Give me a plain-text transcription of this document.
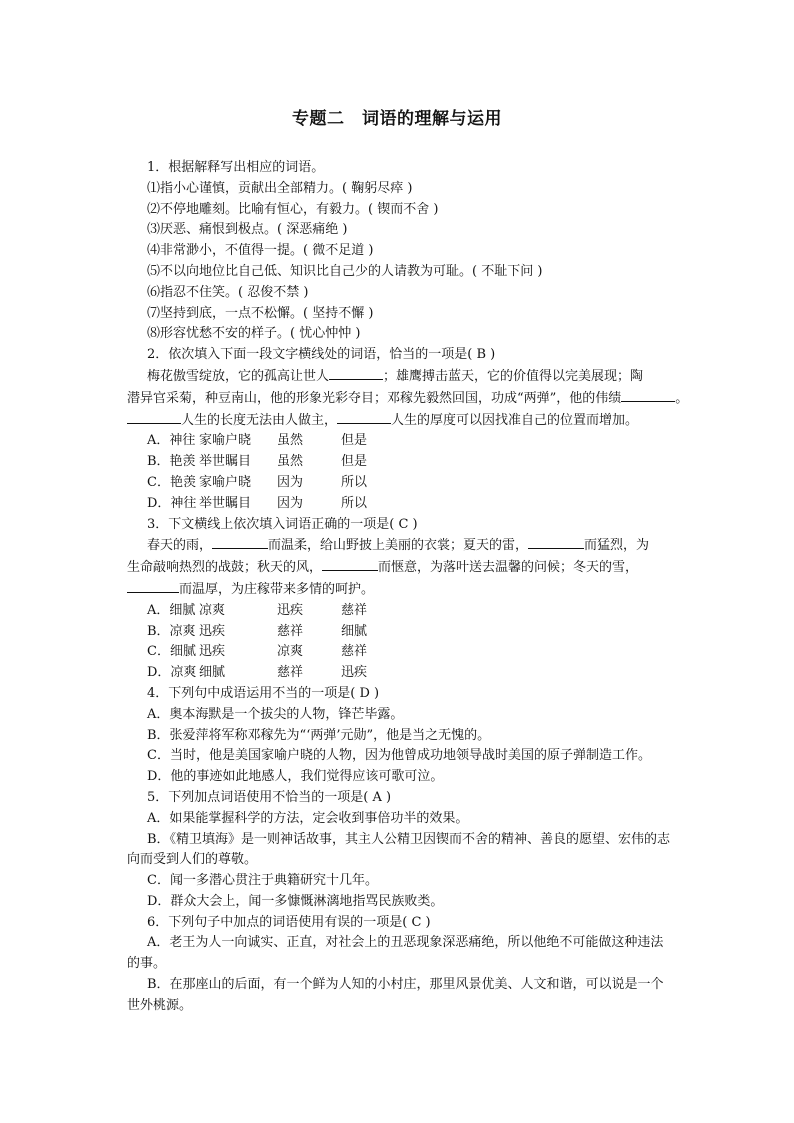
专题二　词语的理解与运用

1．根据解释写出相应的词语。

⑴指小心谨慎，贡献出全部精力。( 鞠躬尽瘁 )

⑵不停地雕刻。比喻有恒心，有毅力。( 锲而不舍 )

⑶厌恶、痛恨到极点。( 深恶痛绝 )

⑷非常渺小，不值得一提。( 微不足道 )

⑸不以向地位比自己低、知识比自己少的人请教为可耻。( 不耻下问 )

⑹指忍不住笑。( 忍俊不禁 )

⑺坚持到底，一点不松懈。( 坚持不懈 )

⑻形容忧愁不安的样子。( 忧心忡忡 )

2．依次填入下面一段文字横线处的词语，恰当的一项是( B )

梅花傲雪绽放，它的孤高让世人	；雄鹰搏击蓝天，它的价值得以完美展现；陶

潜异官采菊，种豆南山，他的形象光彩夺目；邓稼先毅然回国，功成“两弹”，他的伟绩	。

人生的长度无法由人做主，	人生的厚度可以因找准自己的位置而增加。

A．神往 家喻户晓 虽然	但是

B．艳羡 举世瞩目 虽然	但是

C．艳羡 家喻户晓 因为	所以

D．神往 举世瞩目 因为	所以

3．下文横线上依次填入词语正确的一项是( C )

春天的雨，	而温柔，给山野披上美丽的衣裳；夏天的雷，	而猛烈，为

生命敲响热烈的战鼓；秋天的风，	而惬意，为落叶送去温馨的问候；冬天的雪，

而温厚，为庄稼带来多情的呵护。

A．细腻 凉爽	迅疾	慈祥

B．凉爽 迅疾	慈祥	细腻

C．细腻 迅疾	凉爽	慈祥

D．凉爽 细腻	慈祥	迅疾

4．下列句中成语运用不当的一项是( D )

A．奥本海默是一个拔尖的人物，锋芒毕露。

B．张爱萍将军称邓稼先为“‘两弹’元勋”，他是当之无愧的。

C．当时，他是美国家喻户晓的人物，因为他曾成功地领导战时美国的原子弹制造工作。

D．他的事迹如此地感人，我们觉得应该可歌可泣。

5．下列加点词语使用不恰当的一项是( A )

A．如果能掌握科学的方法，定会收到事倍功半的效果。

B．《精卫填海》是一则神话故事，其主人公精卫因锲而不舍的精神、善良的愿望、宏伟的志向而受到人们的尊敬。

C．闻一多潜心贯注于典籍研究十几年。

D．群众大会上，闻一多慷慨淋漓地指骂民族败类。

6．下列句子中加点的词语使用有误的一项是( C )

A．老王为人一向诚实、正直，对社会上的丑恶现象深恶痛绝，所以他绝不可能做这种违法的事。

B．在那座山的后面，有一个鲜为人知的小村庄，那里风景优美、人文和谐，可以说是一个世外桃源。
